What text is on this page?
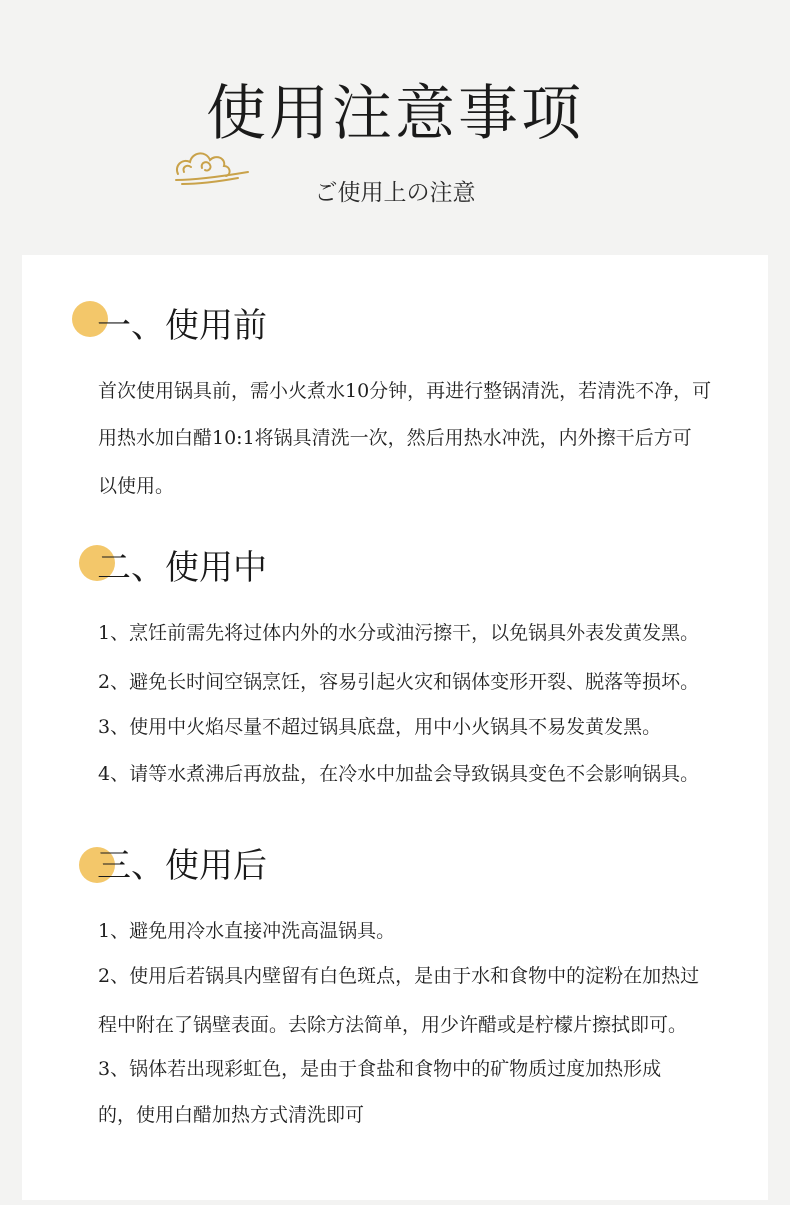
使用注意事项
ご使用上の注意
一、使用前
首次使用锅具前，需小火煮水10分钟，再进行整锅清洗，若清洗不净，可
用热水加白醋10:1将锅具清洗一次，然后用热水冲洗，内外擦干后方可
以使用。
二、使用中
1、烹饪前需先将过体内外的水分或油污擦干，以免锅具外表发黄发黑。
2、避免长时间空锅烹饪，容易引起火灾和锅体变形开裂、脱落等损坏。
3、使用中火焰尽量不超过锅具底盘，用中小火锅具不易发黄发黑。
4、请等水煮沸后再放盐，在冷水中加盐会导致锅具变色不会影响锅具。
三、使用后
1、避免用冷水直接冲洗高温锅具。
2、使用后若锅具内壁留有白色斑点，是由于水和食物中的淀粉在加热过
程中附在了锅壁表面。去除方法简单，用少许醋或是柠檬片擦拭即可。
3、锅体若出现彩虹色，是由于食盐和食物中的矿物质过度加热形成
的，使用白醋加热方式清洗即可
